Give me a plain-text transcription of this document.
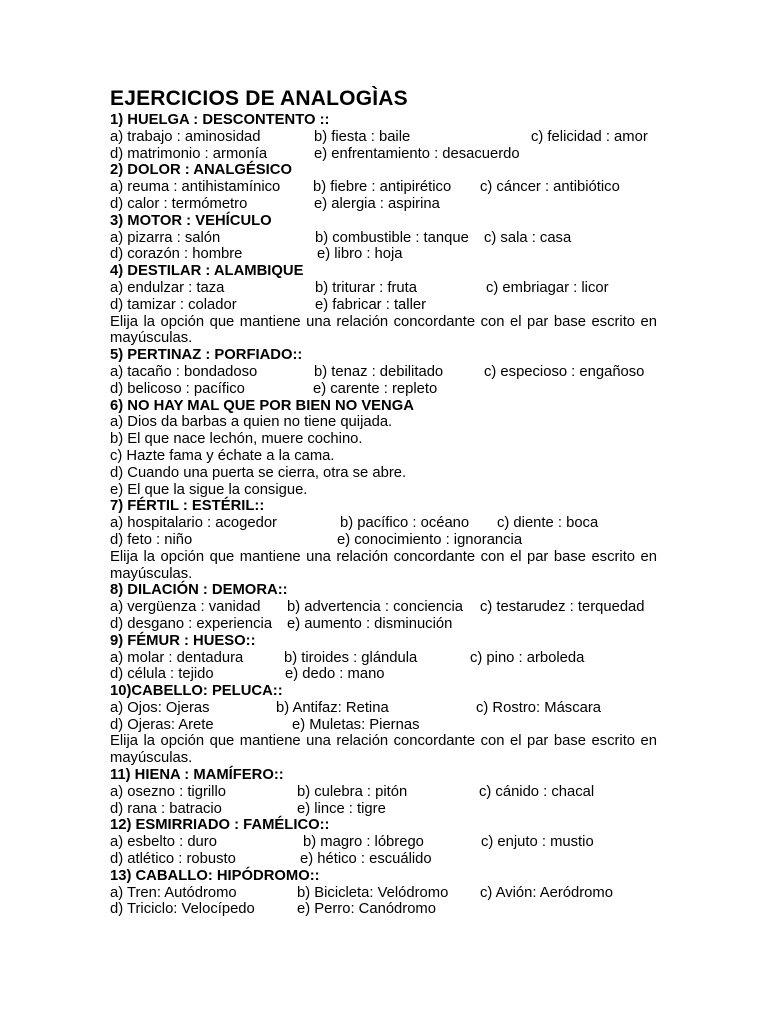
EJERCICIOS DE ANALOGÌAS
1) HUELGA : DESCONTENTO ::
a) trabajo : aminosidad	b) fiesta : baile	c) felicidad : amor
d) matrimonio : armonía	e) enfrentamiento : desacuerdo
2) DOLOR : ANALGÉSICO
a) reuma : antihistamínico b) fiebre : antipirético c) cáncer : antibiótico
d) calor : termómetro	e) alergia : aspirina
3) MOTOR : VEHÍCULO
a) pizarra : salón	b) combustible : tanque c) sala : casa
d) corazón : hombre	e) libro : hoja
4) DESTILAR : ALAMBIQUE
a) endulzar : taza	b) triturar : fruta	c) embriagar : licor
d) tamizar : colador	e) fabricar : taller
Elija la opción que mantiene una relación concordante con el par base escrito en mayúsculas.
5) PERTINAZ : PORFIADO::
a) tacaño : bondadoso	b) tenaz : debilitado	c) especioso : engañoso
d) belicoso : pacífico	e) carente : repleto
6) NO HAY MAL QUE POR BIEN NO VENGA
a) Dios da barbas a quien no tiene quijada.
b) El que nace lechón, muere cochino.
c) Hazte fama y échate a la cama.
d) Cuando una puerta se cierra, otra se abre.
e) El que la sigue la consigue.
7) FÉRTIL : ESTÉRIL::
a) hospitalario : acogedor	b) pacífico : océano c) diente : boca
d) feto : niño	e) conocimiento : ignorancia
Elija la opción que mantiene una relación concordante con el par base escrito en mayúsculas.
8) DILACIÓN : DEMORA::
a) vergüenza : vanidad b) advertencia : conciencia c) testarudez : terquedad
d) desgano : experiencia e) aumento : disminución
9) FÉMUR : HUESO::
a) molar : dentadura	b) tiroides : glándula	c) pino : arboleda
d) célula : tejido	e) dedo : mano
10)CABELLO: PELUCA::
a) Ojos: Ojeras	b) Antifaz: Retina	c) Rostro: Máscara
d) Ojeras: Arete	e) Muletas: Piernas
Elija la opción que mantiene una relación concordante con el par base escrito en mayúsculas.
11) HIENA : MAMÍFERO::
a) osezno : tigrillo	b) culebra : pitón	c) cánido : chacal
d) rana : batracio	e) lince : tigre
12) ESMIRRIADO : FAMÉLICO::
a) esbelto : duro	b) magro : lóbrego	c) enjuto : mustio
d) atlético : robusto	e) hético : escuálido
13) CABALLO: HIPÓDROMO::
a) Tren: Autódromo	b) Bicicleta: Velódromo c) Avión: Aeródromo
d) Triciclo: Velocípedo	e) Perro: Canódromo
